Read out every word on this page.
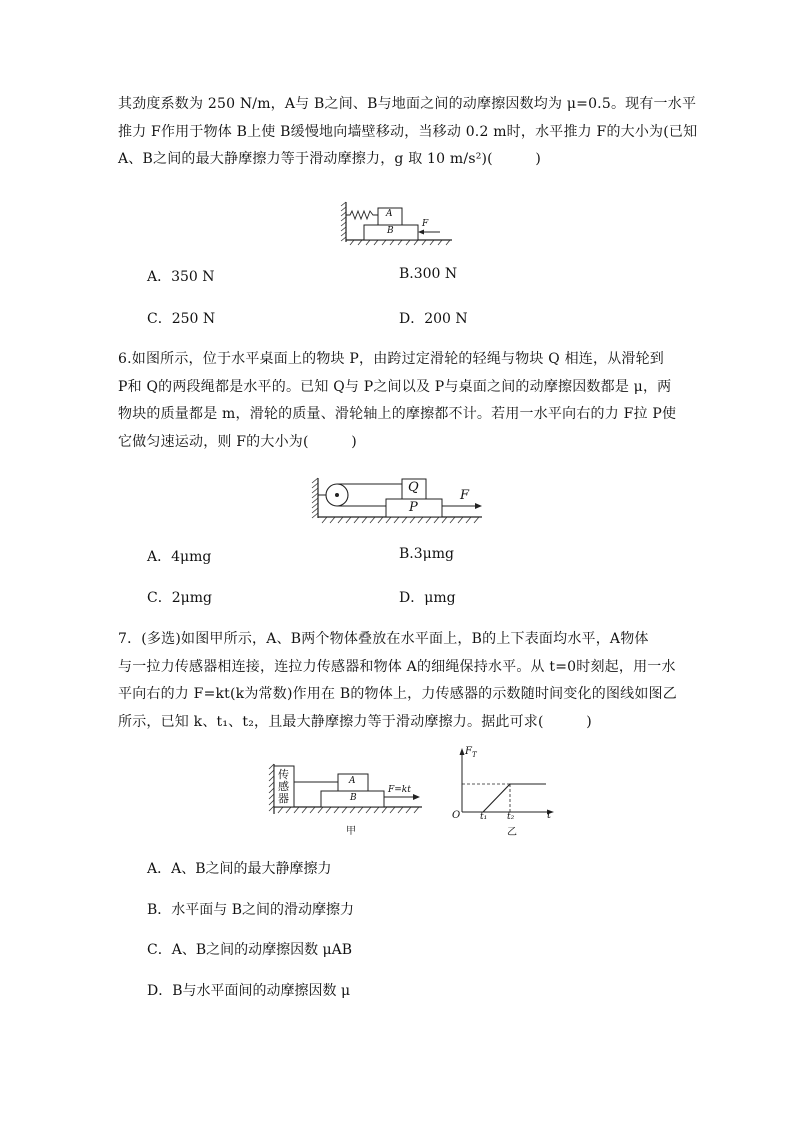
其劲度系数为 250 N/m，A与 B之间、B与地面之间的动摩擦因数均为 μ=0.5。现有一水平
推力 F作用于物体 B上使 B缓慢地向墙壁移动，当移动 0.2 m时，水平推力 F的大小为(已知
A、B之间的最大静摩擦力等于滑动摩擦力，g 取 10 m/s²)(　　　)
A
B
F
A．350 N	B.300 N
C．250 N	D．200 N
6.如图所示，位于水平桌面上的物块 P，由跨过定滑轮的轻绳与物块 Q 相连，从滑轮到
P和 Q的两段绳都是水平的。已知 Q与 P之间以及 P与桌面之间的动摩擦因数都是 μ，两
物块的质量都是 m，滑轮的质量、滑轮轴上的摩擦都不计。若用一水平向右的力 F拉 P使
它做匀速运动，则 F的大小为(　　　)
Q
P
F
A．4μmg	B.3μmg
C．2μmg	D．μmg
7．(多选)如图甲所示，A、B两个物体叠放在水平面上，B的上下表面均水平，A物体
与一拉力传感器相连接，连拉力传感器和物体 A的细绳保持水平。从 t=0时刻起，用一水
平向右的力 F=kt(k为常数)作用在 B的物体上，力传感器的示数随时间变化的图线如图乙
所示，已知 k、t₁、t₂，且最大静摩擦力等于滑动摩擦力。据此可求(　　　)
传
感
器
A
B
F=kt
甲
$F_T$
O t₁ t₂	t
乙
A．A、B之间的最大静摩擦力
B．水平面与 B之间的滑动摩擦力
C．A、B之间的动摩擦因数 μAB
D．B与水平面间的动摩擦因数 μ
